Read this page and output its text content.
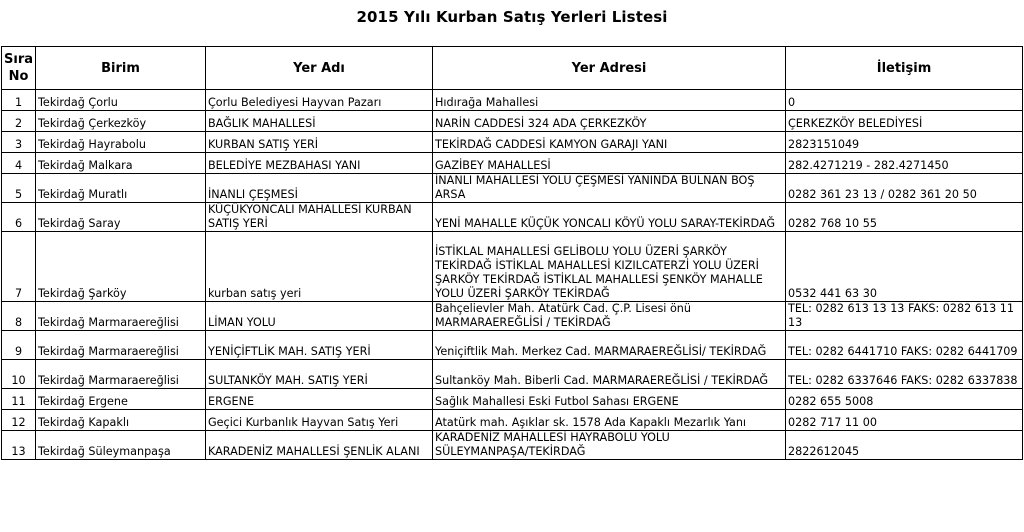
2015 Yılı Kurban Satış Yerleri Listesi
Sıra
No	Birim	Yer Adı	Yer Adresi	İletişim
1	Tekirdağ Çorlu	Çorlu Belediyesi Hayvan Pazarı	Hıdırağa Mahallesi	0
2	Tekirdağ Çerkezköy	BAĞLIK MAHALLESİ	NARİN CADDESİ 324 ADA ÇERKEZKÖY	ÇERKEZKÖY BELEDİYESİ
3	Tekirdağ Hayrabolu	KURBAN SATIŞ YERİ	TEKİRDAĞ CADDESİ KAMYON GARAJI YANI	2823151049
4	Tekirdağ Malkara	BELEDİYE MEZBAHASI YANI	GAZİBEY MAHALLESİ	282.4271219 - 282.4271450
5	Tekirdağ Muratlı	İNANLI ÇEŞMESİ	İNANLI MAHALLESİ YOLU ÇEŞMESİ YANINDA BULNAN BOŞ ARSA	0282 361 23 13 / 0282 361 20 50
6	Tekirdağ Saray	KÜÇÜKYONCALI MAHALLESİ KURBAN SATIŞ YERİ	YENİ MAHALLE KÜÇÜK YONCALI KÖYÜ YOLU SARAY-TEKİRDAĞ	0282 768 10 55
7	Tekirdağ Şarköy	kurban satış yeri	İSTİKLAL MAHALLESİ GELİBOLU YOLU ÜZERİ ŞARKÖY TEKİRDAĞ İSTİKLAL MAHALLESİ KIZILCATERZİ YOLU ÜZERİ ŞARKÖY TEKİRDAĞ İSTİKLAL MAHALLESİ ŞENKÖY MAHALLE YOLU ÜZERİ ŞARKÖY TEKİRDAĞ	0532 441 63 30
8	Tekirdağ Marmaraereğlisi	LİMAN YOLU	Bahçelievler Mah. Atatürk Cad. Ç.P. Lisesi önü MARMARAEREĞLİSİ / TEKİRDAĞ	TEL: 0282 613 13 13 FAKS: 0282 613 11 13
9	Tekirdağ Marmaraereğlisi	YENİÇİFTLİK MAH. SATIŞ YERİ	Yeniçiftlik Mah. Merkez Cad. MARMARAEREĞLİSİ/ TEKİRDAĞ	TEL: 0282 6441710 FAKS: 0282 6441709
10	Tekirdağ Marmaraereğlisi	SULTANKÖY MAH. SATIŞ YERİ	Sultanköy Mah. Biberli Cad. MARMARAEREĞLİSİ / TEKİRDAĞ	TEL: 0282 6337646 FAKS: 0282 6337838
11	Tekirdağ Ergene	ERGENE	Sağlık Mahallesi Eski Futbol Sahası ERGENE	0282 655 5008
12	Tekirdağ Kapaklı	Geçici Kurbanlık Hayvan Satış Yeri	Atatürk mah. Aşıklar sk. 1578 Ada Kapaklı Mezarlık Yanı	0282 717 11 00
13	Tekirdağ Süleymanpaşa	KARADENİZ MAHALLESİ ŞENLİK ALANI	KARADENİZ MAHALLESİ HAYRABOLU YOLU SÜLEYMANPAŞA/TEKİRDAĞ	2822612045
